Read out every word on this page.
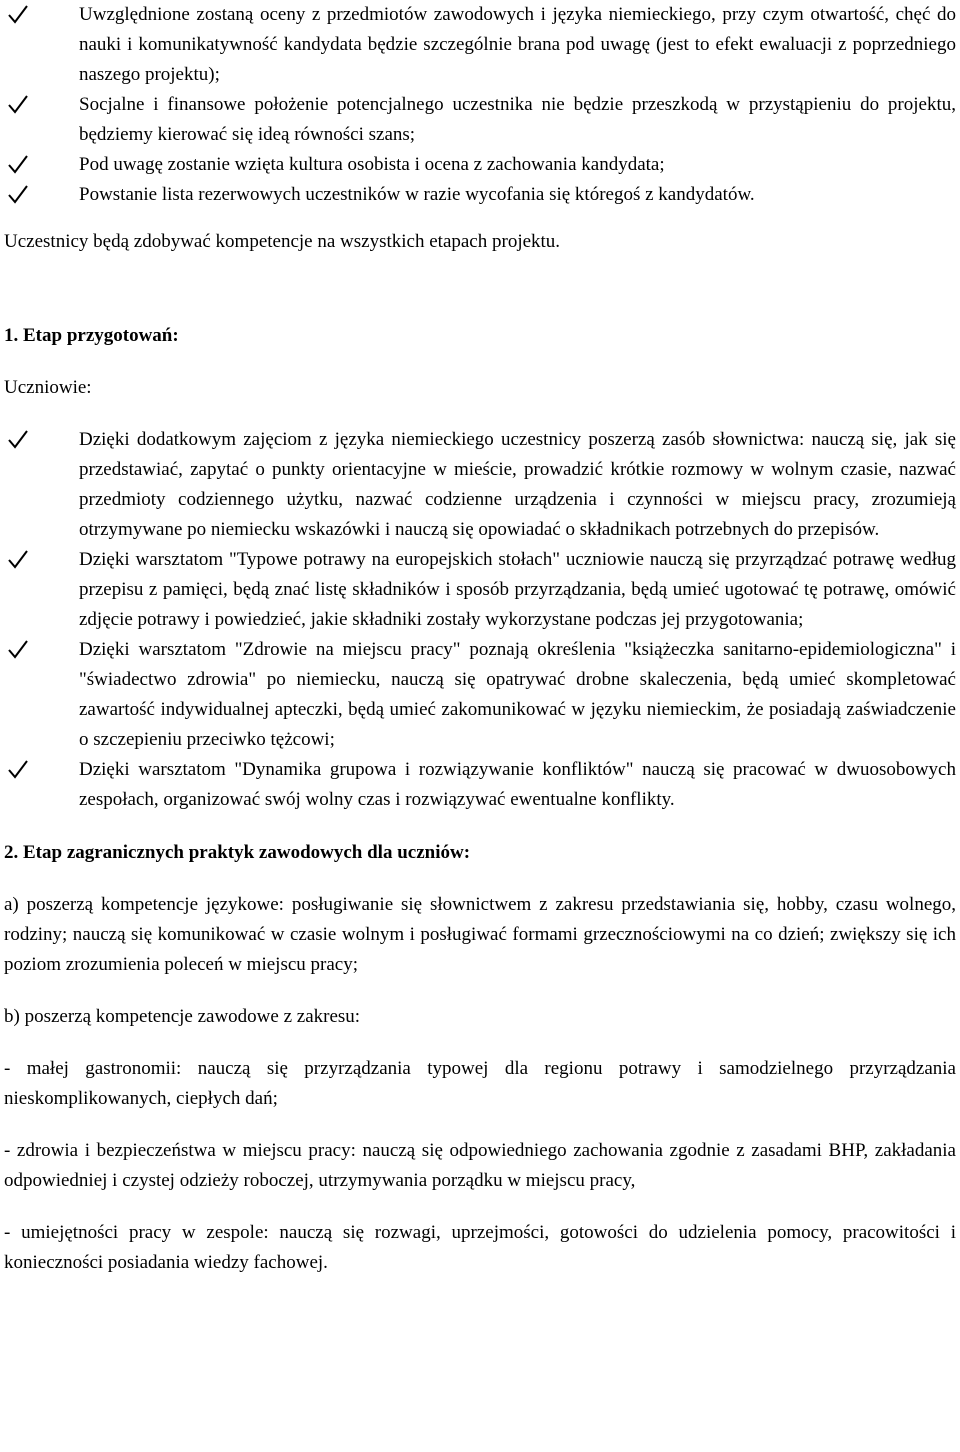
Uwzględnione zostaną oceny z przedmiotów zawodowych i języka niemieckiego, przy czym otwartość, chęć do nauki i komunikatywność kandydata będzie szczególnie brana pod uwagę (jest to efekt ewaluacji z poprzedniego naszego projektu);
Socjalne i finansowe położenie potencjalnego uczestnika nie będzie przeszkodą w przystąpieniu do projektu, będziemy kierować się ideą równości szans;
Pod uwagę zostanie wzięta kultura osobista i ocena z zachowania kandydata;
Powstanie lista rezerwowych uczestników w razie wycofania się któregoś z kandydatów.

Uczestnicy będą zdobywać kompetencje na wszystkich etapach projektu.

1. Etap przygotowań:

Uczniowie:

Dzięki dodatkowym zajęciom z języka niemieckiego uczestnicy poszerzą zasób słownictwa: nauczą się, jak się przedstawiać, zapytać o punkty orientacyjne w mieście, prowadzić krótkie rozmowy w wolnym czasie, nazwać przedmioty codziennego użytku, nazwać codzienne urządzenia i czynności w miejscu pracy, zrozumieją otrzymywane po niemiecku wskazówki i nauczą się opowiadać o składnikach potrzebnych do przepisów.
Dzięki warsztatom "Typowe potrawy na europejskich stołach" uczniowie nauczą się przyrządzać potrawę według przepisu z pamięci, będą znać listę składników i sposób przyrządzania, będą umieć ugotować tę potrawę, omówić zdjęcie potrawy i powiedzieć, jakie składniki zostały wykorzystane podczas jej przygotowania;
Dzięki warsztatom "Zdrowie na miejscu pracy" poznają określenia "książeczka sanitarno-epidemiologiczna" i "świadectwo zdrowia" po niemiecku, nauczą się opatrywać drobne skaleczenia, będą umieć skompletować zawartość indywidualnej apteczki, będą umieć zakomunikować w języku niemieckim, że posiadają zaświadczenie o szczepieniu przeciwko tężcowi;
Dzięki warsztatom "Dynamika grupowa i rozwiązywanie konfliktów" nauczą się pracować w dwuosobowych zespołach, organizować swój wolny czas i rozwiązywać ewentualne konflikty.

2. Etap zagranicznych praktyk zawodowych dla uczniów:

a) poszerzą kompetencje językowe: posługiwanie się słownictwem z zakresu przedstawiania się, hobby, czasu wolnego, rodziny; nauczą się komunikować w czasie wolnym i posługiwać formami grzecznościowymi na co dzień; zwiększy się ich poziom zrozumienia poleceń w miejscu pracy;

b) poszerzą kompetencje zawodowe z zakresu:

- małej gastronomii: nauczą się przyrządzania typowej dla regionu potrawy i samodzielnego przyrządzania nieskomplikowanych, ciepłych dań;

- zdrowia i bezpieczeństwa w miejscu pracy: nauczą się odpowiedniego zachowania zgodnie z zasadami BHP, zakładania odpowiedniej i czystej odzieży roboczej, utrzymywania porządku w miejscu pracy,

- umiejętności pracy w zespole: nauczą się rozwagi, uprzejmości, gotowości do udzielenia pomocy, pracowitości i konieczności posiadania wiedzy fachowej.
